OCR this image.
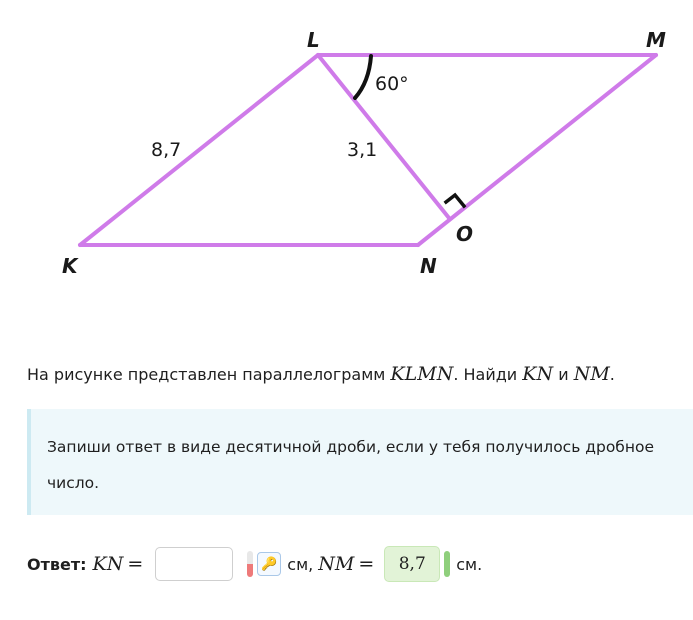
L	M
K	N
O
8,7	3,1
60°
На рисунке представлен параллелограмм KLMN. Найди KN и NM.
Запиши ответ в виде десятичной дроби, если у тебя получилось дробное число.
Ответ: KN =	🔑 см, NM =	8,7	см.
